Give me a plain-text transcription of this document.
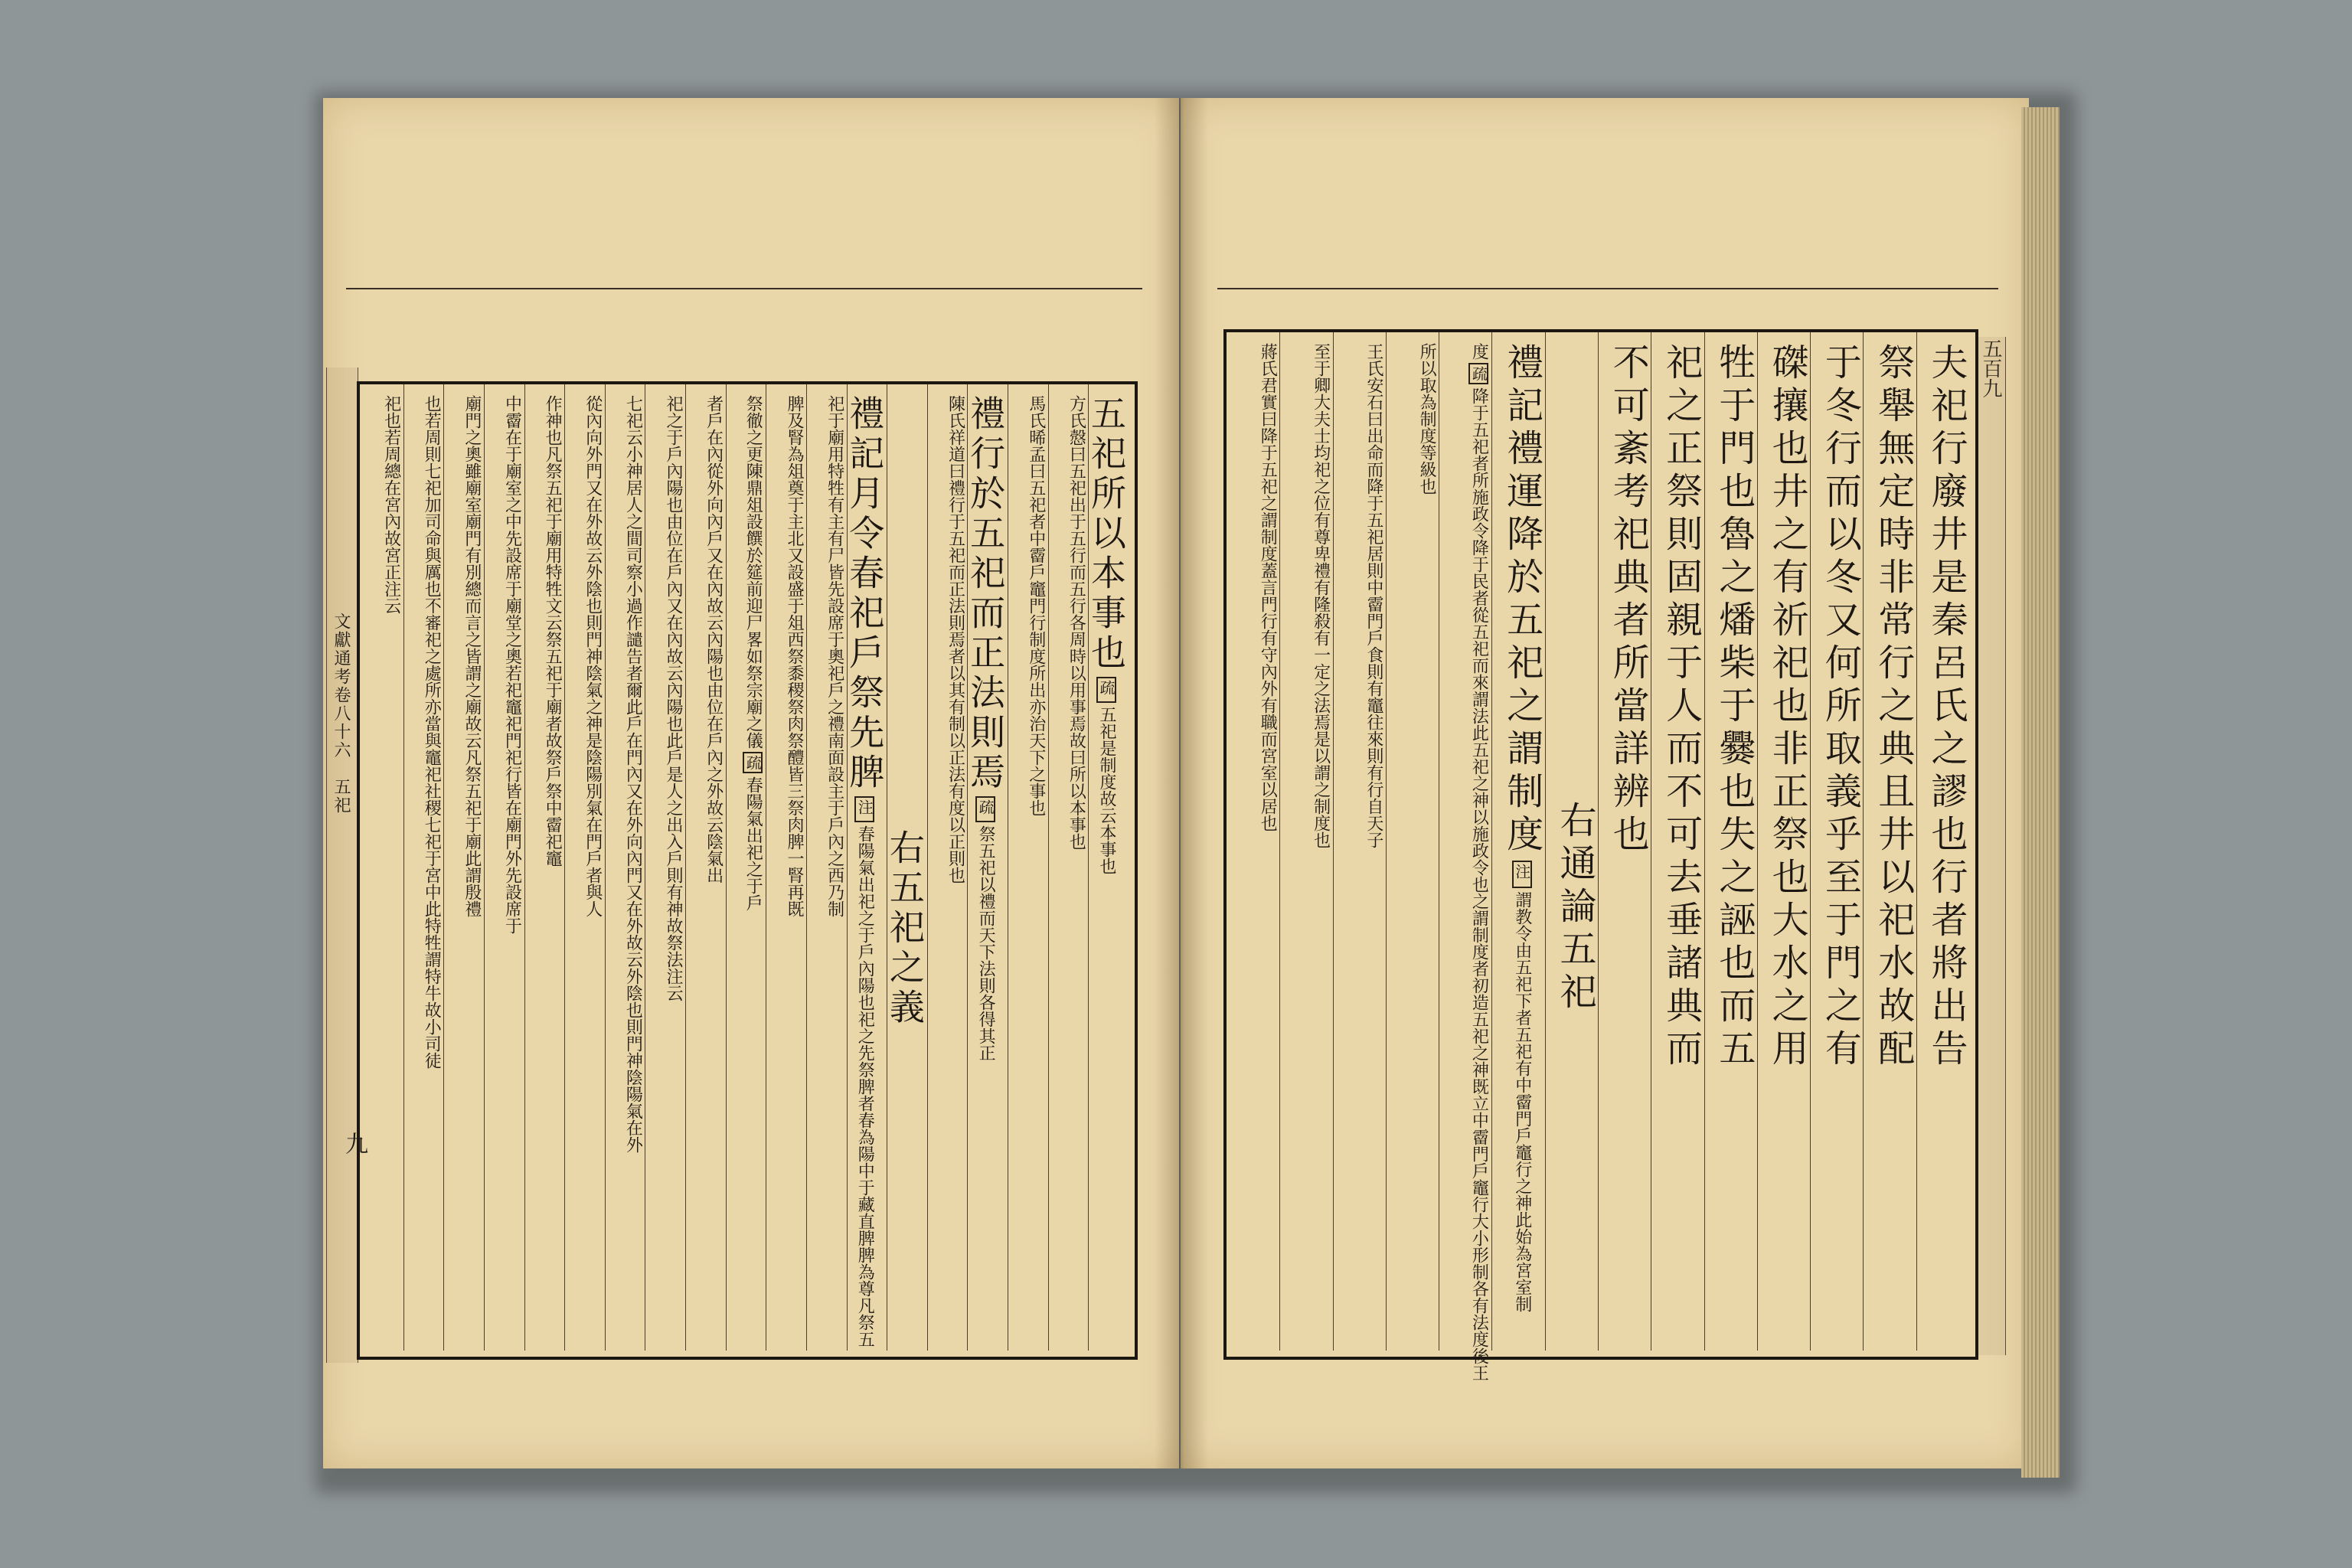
文獻通考卷八十六　五祀
九
五祀所以本事也疏五祀是制度故云本事也
方氏慤曰五祀出于五行而五行各周時以用事焉故曰所以本事也
馬氏晞孟曰五祀者中霤戶竈門行制度所出亦治天下之事也
禮行於五祀而正法則焉疏祭五祀以禮而天下法則各得其正
陳氏祥道曰禮行于五祀而正法則焉者以其有制以正法有度以正則也
右五祀之義
禮記月令春祀戶祭先脾注春陽氣出祀之于戶內陽也祀之先祭脾者春為陽中于藏直脾脾為尊凡祭五
祀于廟用特牲有主有尸皆先設席于奧祀戶之禮南面設主于戶內之西乃制
脾及腎為俎奠于主北又設盛于俎西祭黍稷祭肉祭醴皆三祭肉脾一腎再既
祭徹之更陳鼎俎設饌於筵前迎尸畧如祭宗廟之儀疏春陽氣出祀之于戶
者戶在內從外向內戶又在內故云內陽也由位在戶內之外故云陰氣出
祀之于戶內陽也由位在戶內又在內故云內陽也此戶是人之出入戶則有神故祭法注云
七祀云小神居人之間司察小過作譴告者爾此戶在門內又在外向內門又在外故云外陰也則門神陰陽氣在外
從內向外門又在外故云外陰也則門神陰氣之神是陰陽別氣在門戶者與人
作神也凡祭五祀于廟用特牲文云祭五祀于廟者故祭戶祭中霤祀竈
中霤在于廟室之中先設席于廟堂之奧若祀竈祀門祀行皆在廟門外先設席于
廟門之奧雖廟室廟門有別總而言之皆謂之廟故云凡祭五祀于廟此謂殷禮
也若周則七祀加司命與厲也不審祀之處所亦當與竈祀社稷七祀于宮中此特牲謂特牛故小司徒
祀也若周總在宮內故宮正注云
五百九
夫祀行廢井是秦呂氏之謬也行者將出告
祭舉無定時非常行之典且井以祀水故配
于冬行而以冬又何所取義乎至于門之有
磔攘也井之有祈祀也非正祭也大水之用
牲于門也魯之燔柴于爨也失之誣也而五
祀之正祭則固親于人而不可去垂諸典而
不可紊考祀典者所當詳辨也
右通論五祀
禮記禮運降於五祀之謂制度注謂教令由五祀下者五祀有中霤門戶竈行之神此始為宮室制
度疏降于五祀者所施政令降于民者從五祀而來謂法此五祀之神以施政令也之謂制度者初造五祀之神既立中霤門戶竈行大小形制各有法度後王
所以取為制度等級也
王氏安石曰出命而降于五祀居則中霤門戶食則有竈往來則有行自天子
至于卿大夫士均祀之位有尊卑禮有隆殺有一定之法焉是以謂之制度也
蔣氏君實曰降于五祀之謂制度蓋言門行有守內外有職而宮室以居也
